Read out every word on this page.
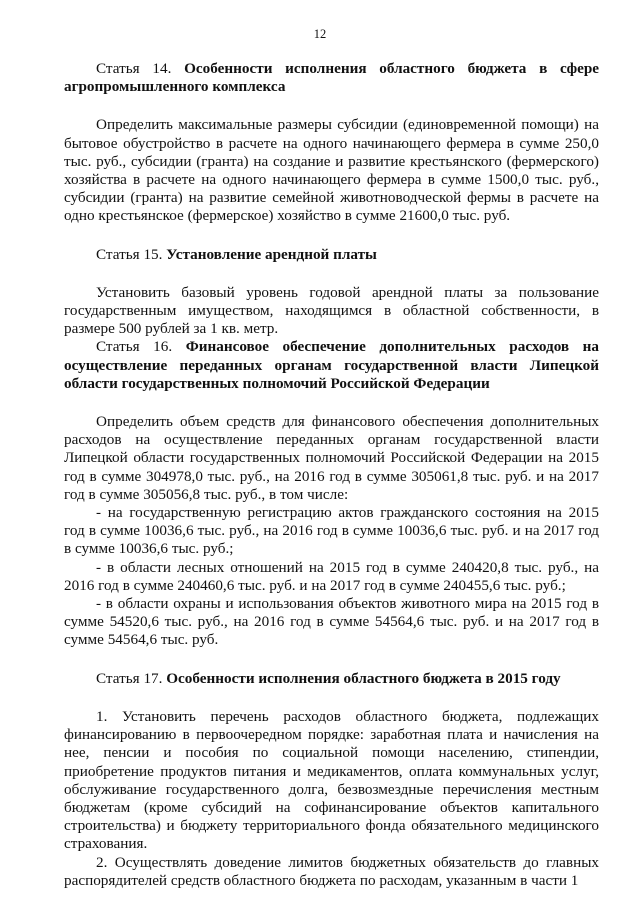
12

Статья 14. Особенности исполнения областного бюджета в сфере агропромышленного комплекса

Определить максимальные размеры субсидии (единовременной помощи) на бытовое обустройство в расчете на одного начинающего фермера в сумме 250,0 тыс. руб., субсидии (гранта) на создание и развитие крестьянского (фермерского) хозяйства в расчете на одного начинающего фермера в сумме 1500,0 тыс. руб., субсидии (гранта) на развитие семейной животноводческой фермы в расчете на одно крестьянское (фермерское) хозяйство в сумме 21600,0 тыс. руб.

Статья 15. Установление арендной платы

Установить базовый уровень годовой арендной платы за пользование государственным имуществом, находящимся в областной собственности, в размере 500 рублей за 1 кв. метр.

Статья 16. Финансовое обеспечение дополнительных расходов на осуществление переданных органам государственной власти Липецкой области государственных полномочий Российской Федерации

Определить объем средств для финансового обеспечения дополнительных расходов на осуществление переданных органам государственной власти Липецкой области государственных полномочий Российской Федерации на 2015 год в сумме 304978,0 тыс. руб., на 2016 год в сумме 305061,8 тыс. руб. и на 2017 год в сумме 305056,8 тыс. руб., в том числе:

- на государственную регистрацию актов гражданского состояния на 2015 год в сумме 10036,6 тыс. руб., на 2016 год в сумме 10036,6 тыс. руб. и на 2017 год в сумме 10036,6 тыс. руб.;

- в области лесных отношений на 2015 год в сумме 240420,8 тыс. руб., на 2016 год в сумме 240460,6 тыс. руб. и на 2017 год в сумме 240455,6 тыс. руб.;

- в области охраны и использования объектов животного мира на 2015 год в сумме 54520,6 тыс. руб., на 2016 год в сумме 54564,6 тыс. руб. и на 2017 год в сумме 54564,6 тыс. руб.

Статья 17. Особенности исполнения областного бюджета в 2015 году

1. Установить перечень расходов областного бюджета, подлежащих финансированию в первоочередном порядке: заработная плата и начисления на нее, пенсии и пособия по социальной помощи населению, стипендии, приобретение продуктов питания и медикаментов, оплата коммунальных услуг, обслуживание государственного долга, безвозмездные перечисления местным бюджетам (кроме субсидий на софинансирование объектов капитального строительства) и бюджету территориального фонда обязательного медицинского страхования.

2. Осуществлять доведение лимитов бюджетных обязательств до главных распорядителей средств областного бюджета по расходам, указанным в части 1
